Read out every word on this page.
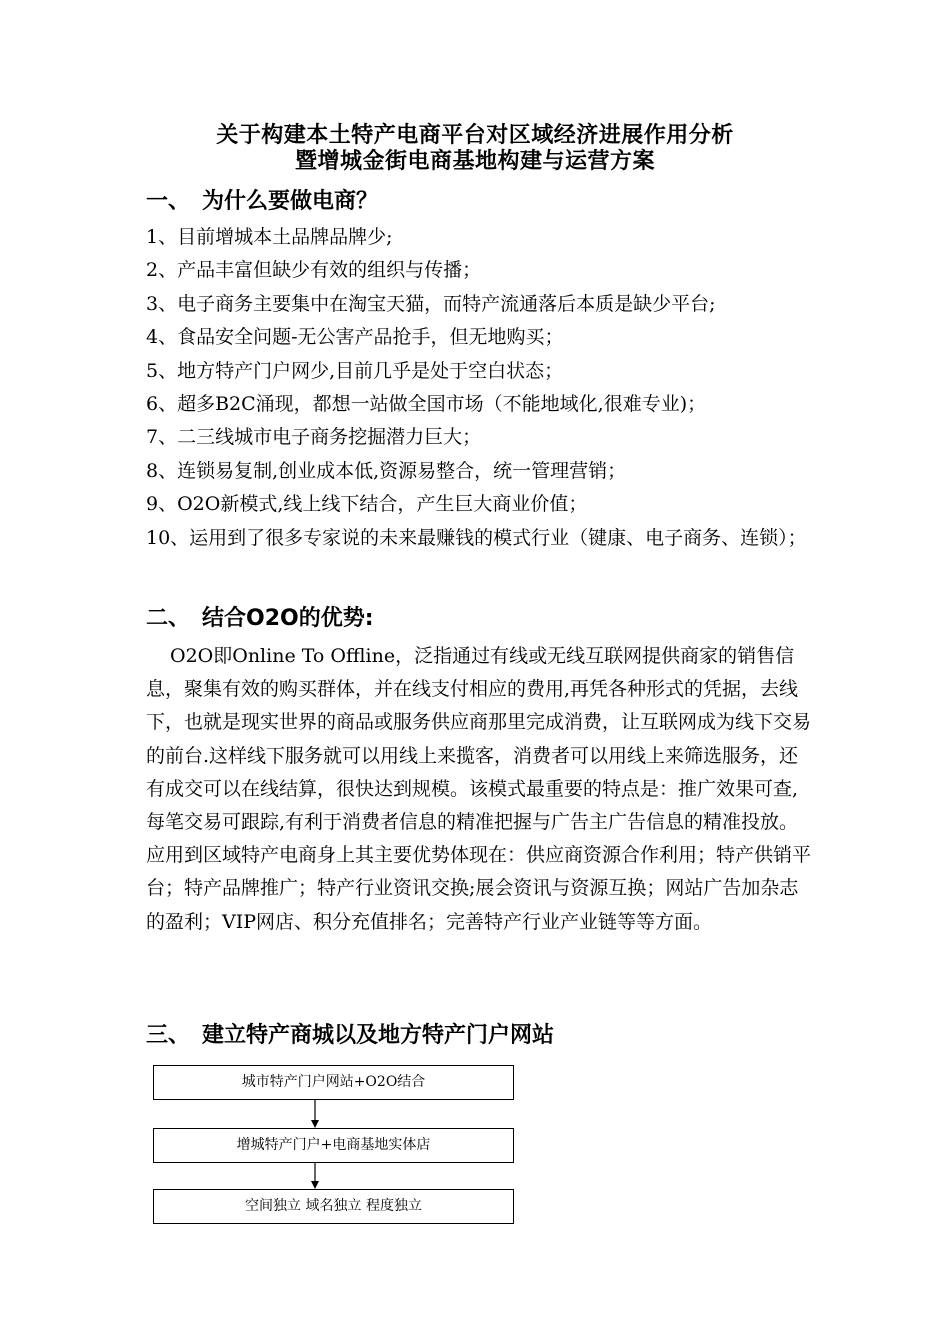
关于构建本土特产电商平台对区域经济进展作用分析
暨增城金街电商基地构建与运营方案
一、 为什么要做电商？
1、目前增城本土品牌品牌少;
2、产品丰富但缺少有效的组织与传播；
3、电子商务主要集中在淘宝天猫，而特产流通落后本质是缺少平台;
4、食品安全问题-无公害产品抢手，但无地购买；
5、地方特产门户网少,目前几乎是处于空白状态；
6、超多B2C涌现，都想一站做全国市场（不能地域化,很难专业)；
7、二三线城市电子商务挖掘潜力巨大；
8、连锁易复制,创业成本低,资源易整合，统一管理营销；
9、O2O新模式,线上线下结合，产生巨大商业价值；
10、运用到了很多专家说的未来最赚钱的模式行业（键康、电子商务、连锁）；
二、 结合O2O的优势:

O2O即Online To Offline，泛指通过有线或无线互联网提供商家的销售信息，聚集有效的购买群体，并在线支付相应的费用,再凭各种形式的凭据，去线下，也就是现实世界的商品或服务供应商那里完成消费，让互联网成为线下交易的前台.这样线下服务就可以用线上来揽客，消费者可以用线上来筛选服务，还有成交可以在线结算，很快达到规模。该模式最重要的特点是：推广效果可查,每笔交易可跟踪,有利于消费者信息的精准把握与广告主广告信息的精准投放。应用到区域特产电商身上其主要优势体现在：供应商资源合作利用；特产供销平台；特产品牌推广；特产行业资讯交换;展会资讯与资源互换；网站广告加杂志的盈利；VIP网店、积分充值排名；完善特产行业产业链等等方面。

三、 建立特产商城以及地方特产门户网站
城市特产门户网站+O2O结合
增城特产门户+电商基地实体店
空间独立 域名独立 程度独立
